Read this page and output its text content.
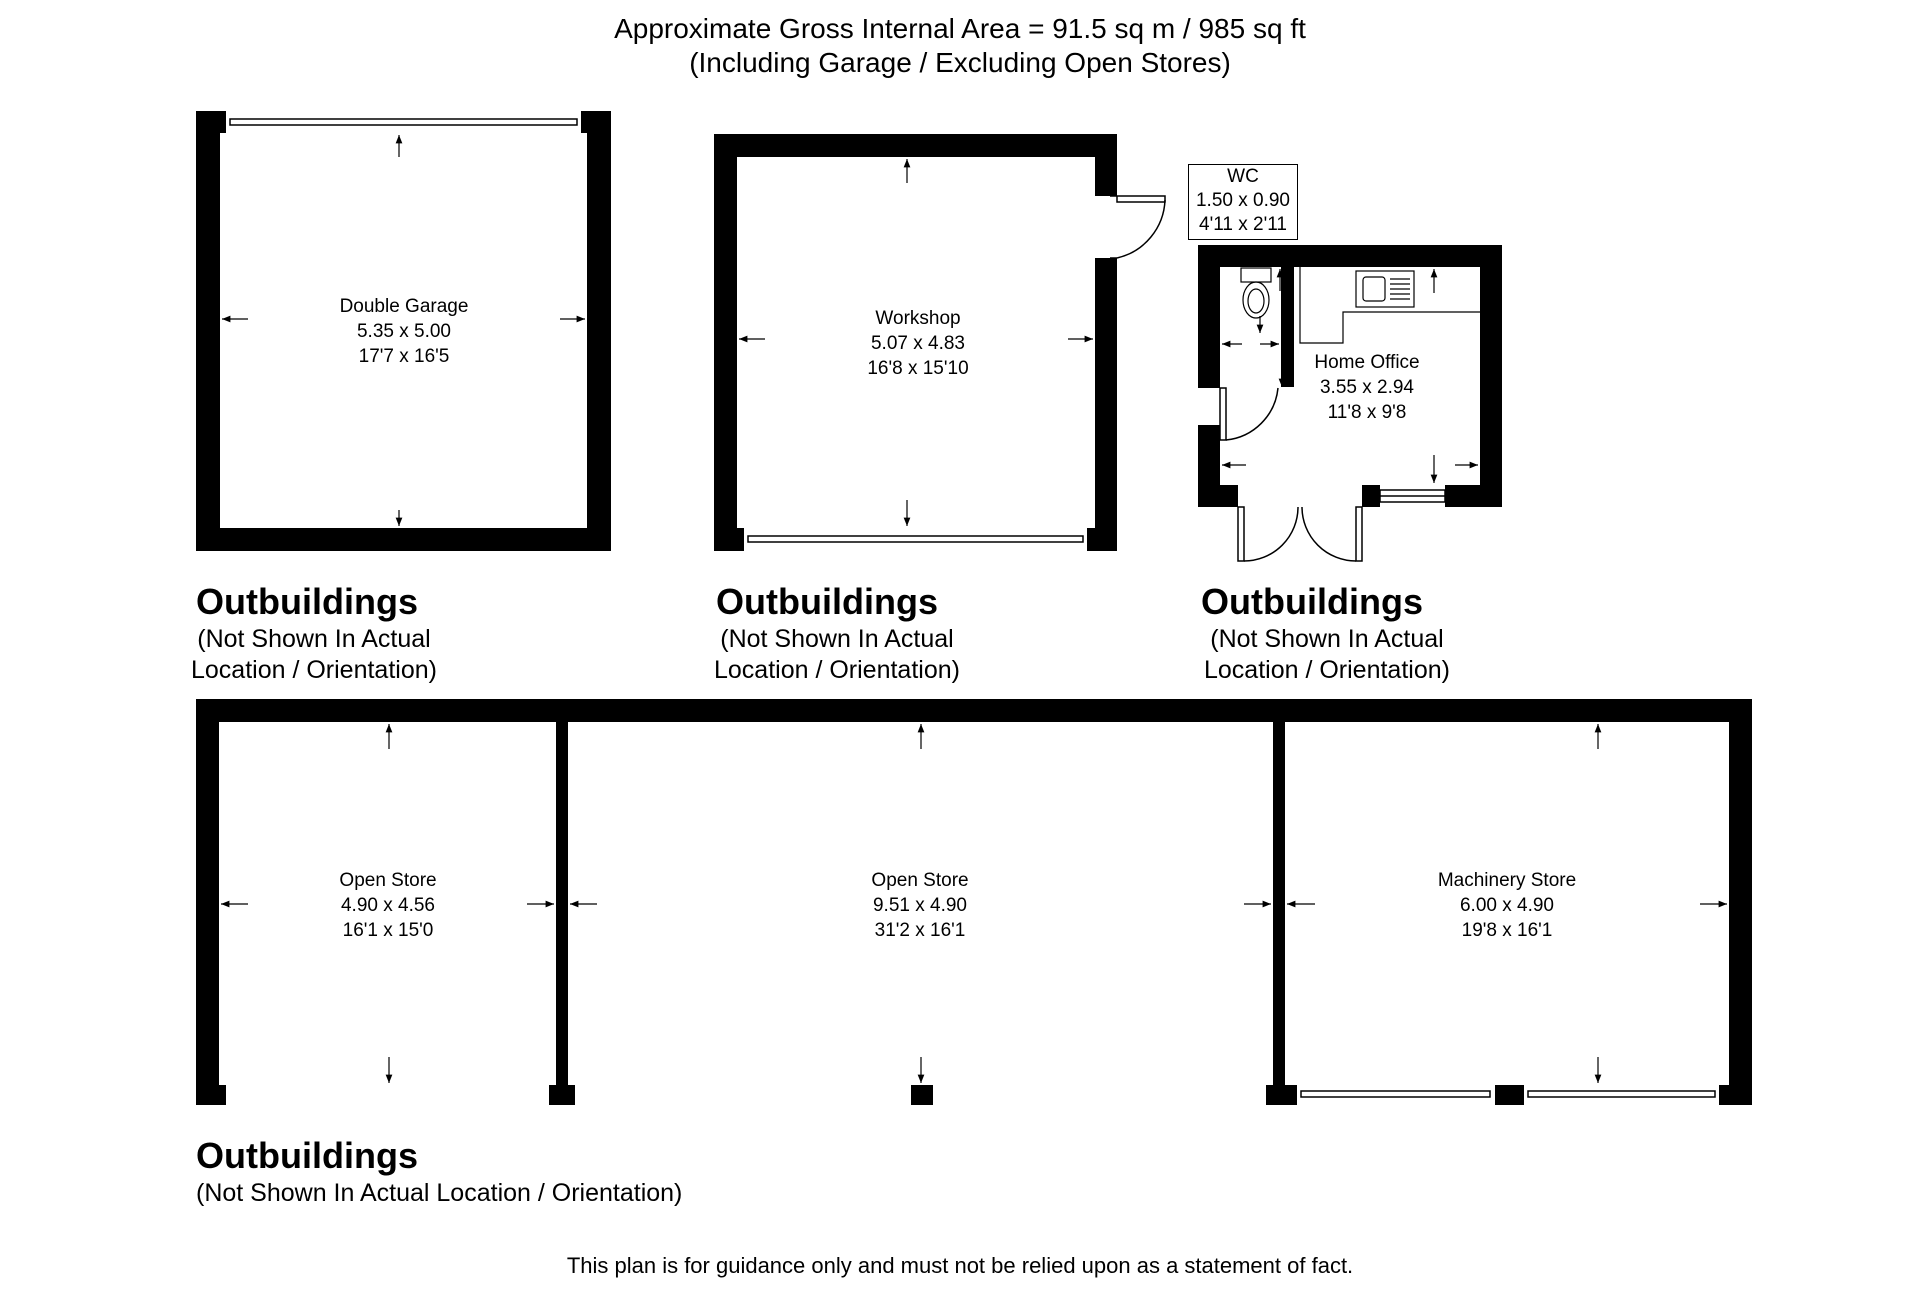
Approximate Gross Internal Area = 91.5 sq m / 985 sq ft
(Including Garage / Excluding Open Stores)
Double Garage
5.35 x 5.00
17'7 x 16'5
Workshop
5.07 x 4.83
16'8 x 15'10
WC
1.50 x 0.90
4'11 x 2'11
Home Office
3.55 x 2.94
11'8 x 9'8
Open Store
4.90 x 4.56
16'1 x 15'0
Open Store
9.51 x 4.90
31'2 x 16'1
Machinery Store
6.00 x 4.90
19'8 x 16'1
Outbuildings
(Not Shown In Actual
Location / Orientation)
Outbuildings
(Not Shown In Actual
Location / Orientation)
Outbuildings
(Not Shown In Actual
Location / Orientation)
Outbuildings
(Not Shown In Actual Location / Orientation)
This plan is for guidance only and must not be relied upon as a statement of fact.
